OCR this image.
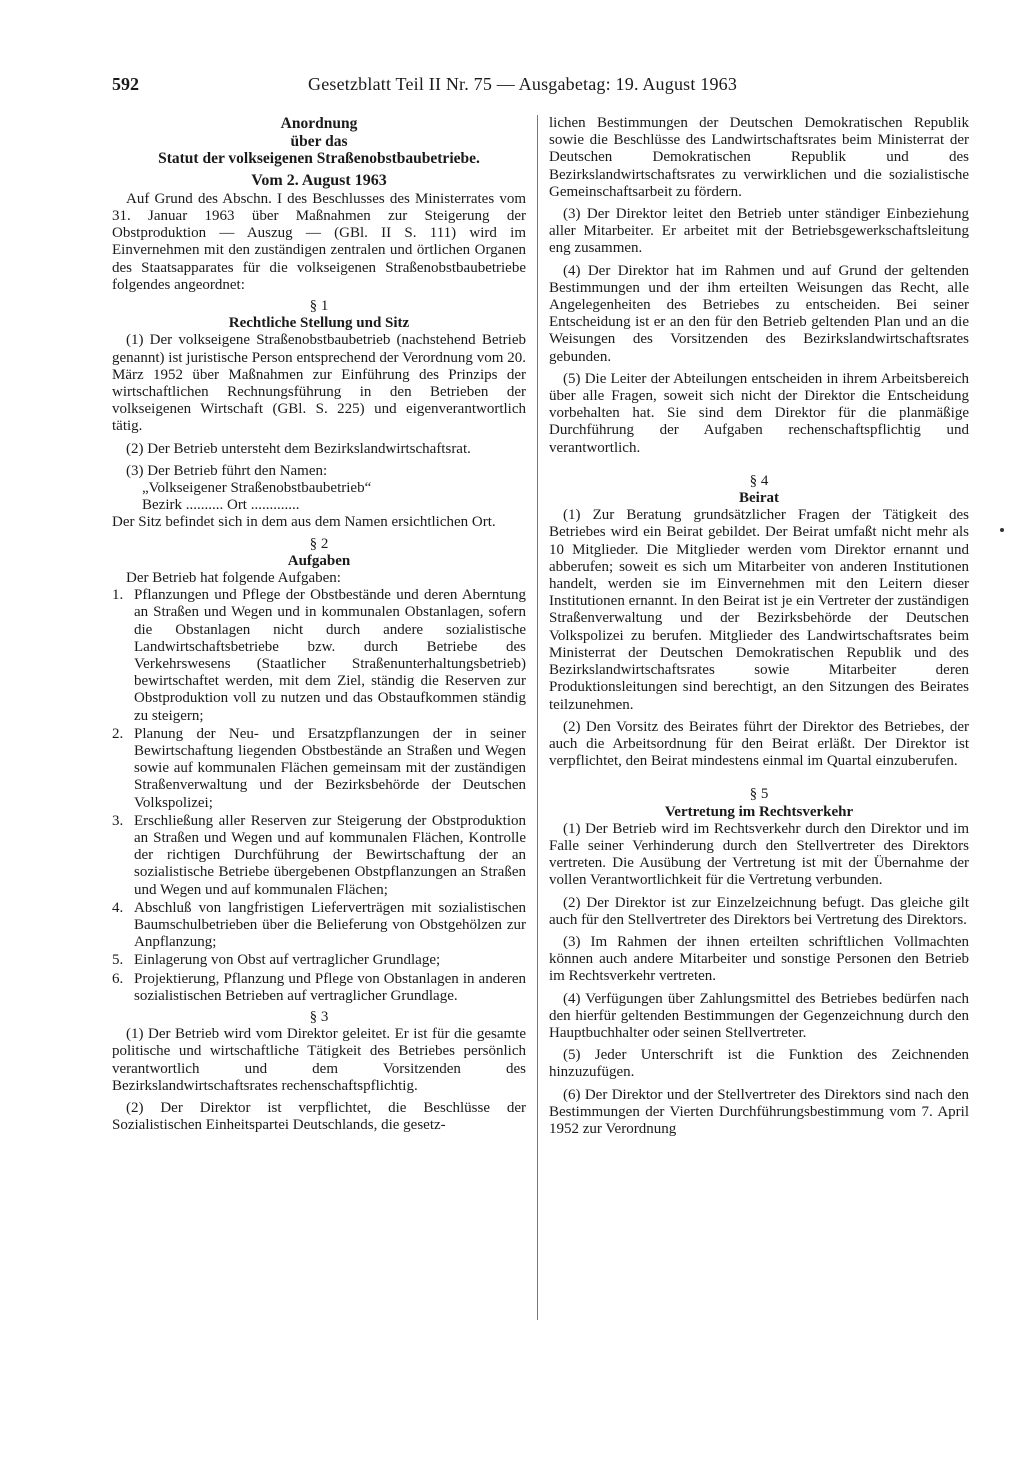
592	Gesetzblatt Teil II Nr. 75 — Ausgabetag: 19. August 1963
Anordnung
über das
Statut der volkseigenen Straßenobstbaubetriebe.
Vom 2. August 1963

Auf Grund des Abschn. I des Beschlusses des Ministerrates vom 31. Januar 1963 über Maßnahmen zur Steigerung der Obstproduktion — Auszug — (GBl. II S. 111) wird im Einvernehmen mit den zuständigen zentralen und örtlichen Organen des Staatsapparates für die volkseigenen Straßenobstbaubetriebe folgendes angeordnet:

§ 1
Rechtliche Stellung und Sitz

(1) Der volkseigene Straßenobstbaubetrieb (nachstehend Betrieb genannt) ist juristische Person entsprechend der Verordnung vom 20. März 1952 über Maßnahmen zur Einführung des Prinzips der wirtschaftlichen Rechnungsführung in den Betrieben der volkseigenen Wirtschaft (GBl. S. 225) und eigenverantwortlich tätig.

(2) Der Betrieb untersteht dem Bezirkslandwirtschaftsrat.

(3) Der Betrieb führt den Namen:

„Volkseigener Straßenobstbaubetrieb“
Bezirk .......... Ort .............

Der Sitz befindet sich in dem aus dem Namen ersichtlichen Ort.

§ 2
Aufgaben

Der Betrieb hat folgende Aufgaben:

1. Pflanzungen und Pflege der Obstbestände und deren Aberntung an Straßen und Wegen und in kommunalen Obstanlagen, sofern die Obstanlagen nicht durch andere sozialistische Landwirtschaftsbetriebe bzw. durch Betriebe des Verkehrswesens (Staatlicher Straßenunterhaltungsbetrieb) bewirtschaftet werden, mit dem Ziel, ständig die Reserven zur Obstproduktion voll zu nutzen und das Obstaufkommen ständig zu steigern;
2. Planung der Neu- und Ersatzpflanzungen der in seiner Bewirtschaftung liegenden Obstbestände an Straßen und Wegen sowie auf kommunalen Flächen gemeinsam mit der zuständigen Straßenverwaltung und der Bezirksbehörde der Deutschen Volkspolizei;
3. Erschließung aller Reserven zur Steigerung der Obstproduktion an Straßen und Wegen und auf kommunalen Flächen, Kontrolle der richtigen Durchführung der Bewirtschaftung der an sozialistische Betriebe übergebenen Obstpflanzungen an Straßen und Wegen und auf kommunalen Flächen;
4. Abschluß von langfristigen Lieferverträgen mit sozialistischen Baumschulbetrieben über die Belieferung von Obstgehölzen zur Anpflanzung;
5. Einlagerung von Obst auf vertraglicher Grundlage;
6. Projektierung, Pflanzung und Pflege von Obstanlagen in anderen sozialistischen Betrieben auf vertraglicher Grundlage.
§ 3

(1) Der Betrieb wird vom Direktor geleitet. Er ist für die gesamte politische und wirtschaftliche Tätigkeit des Betriebes persönlich verantwortlich und dem Vorsitzenden des Bezirkslandwirtschaftsrates rechenschaftspflichtig.

(2) Der Direktor ist verpflichtet, die Beschlüsse der Sozialistischen Einheitspartei Deutschlands, die gesetz-

lichen Bestimmungen der Deutschen Demokratischen Republik sowie die Beschlüsse des Landwirtschaftsrates beim Ministerrat der Deutschen Demokratischen Republik und des Bezirkslandwirtschaftsrates zu verwirklichen und die sozialistische Gemeinschaftsarbeit zu fördern.

(3) Der Direktor leitet den Betrieb unter ständiger Einbeziehung aller Mitarbeiter. Er arbeitet mit der Betriebsgewerkschaftsleitung eng zusammen.

(4) Der Direktor hat im Rahmen und auf Grund der geltenden Bestimmungen und der ihm erteilten Weisungen das Recht, alle Angelegenheiten des Betriebes zu entscheiden. Bei seiner Entscheidung ist er an den für den Betrieb geltenden Plan und an die Weisungen des Vorsitzenden des Bezirkslandwirtschaftsrates gebunden.

(5) Die Leiter der Abteilungen entscheiden in ihrem Arbeitsbereich über alle Fragen, soweit sich nicht der Direktor die Entscheidung vorbehalten hat. Sie sind dem Direktor für die planmäßige Durchführung der Aufgaben rechenschaftspflichtig und verantwortlich.

§ 4
Beirat

(1) Zur Beratung grundsätzlicher Fragen der Tätigkeit des Betriebes wird ein Beirat gebildet. Der Beirat umfaßt nicht mehr als 10 Mitglieder. Die Mitglieder werden vom Direktor ernannt und abberufen; soweit es sich um Mitarbeiter von anderen Institutionen handelt, werden sie im Einvernehmen mit den Leitern dieser Institutionen ernannt. In den Beirat ist je ein Vertreter der zuständigen Straßenverwaltung und der Bezirksbehörde der Deutschen Volkspolizei zu berufen. Mitglieder des Landwirtschaftsrates beim Ministerrat der Deutschen Demokratischen Republik und des Bezirkslandwirtschaftsrates sowie Mitarbeiter deren Produktionsleitungen sind berechtigt, an den Sitzungen des Beirates teilzunehmen.

(2) Den Vorsitz des Beirates führt der Direktor des Betriebes, der auch die Arbeitsordnung für den Beirat erläßt. Der Direktor ist verpflichtet, den Beirat mindestens einmal im Quartal einzuberufen.

§ 5
Vertretung im Rechtsverkehr

(1) Der Betrieb wird im Rechtsverkehr durch den Direktor und im Falle seiner Verhinderung durch den Stellvertreter des Direktors vertreten. Die Ausübung der Vertretung ist mit der Übernahme der vollen Verantwortlichkeit für die Vertretung verbunden.

(2) Der Direktor ist zur Einzelzeichnung befugt. Das gleiche gilt auch für den Stellvertreter des Direktors bei Vertretung des Direktors.

(3) Im Rahmen der ihnen erteilten schriftlichen Vollmachten können auch andere Mitarbeiter und sonstige Personen den Betrieb im Rechtsverkehr vertreten.

(4) Verfügungen über Zahlungsmittel des Betriebes bedürfen nach den hierfür geltenden Bestimmungen der Gegenzeichnung durch den Hauptbuchhalter oder seinen Stellvertreter.

(5) Jeder Unterschrift ist die Funktion des Zeichnenden hinzuzufügen.

(6) Der Direktor und der Stellvertreter des Direktors sind nach den Bestimmungen der Vierten Durchführungsbestimmung vom 7. April 1952 zur Verordnung
